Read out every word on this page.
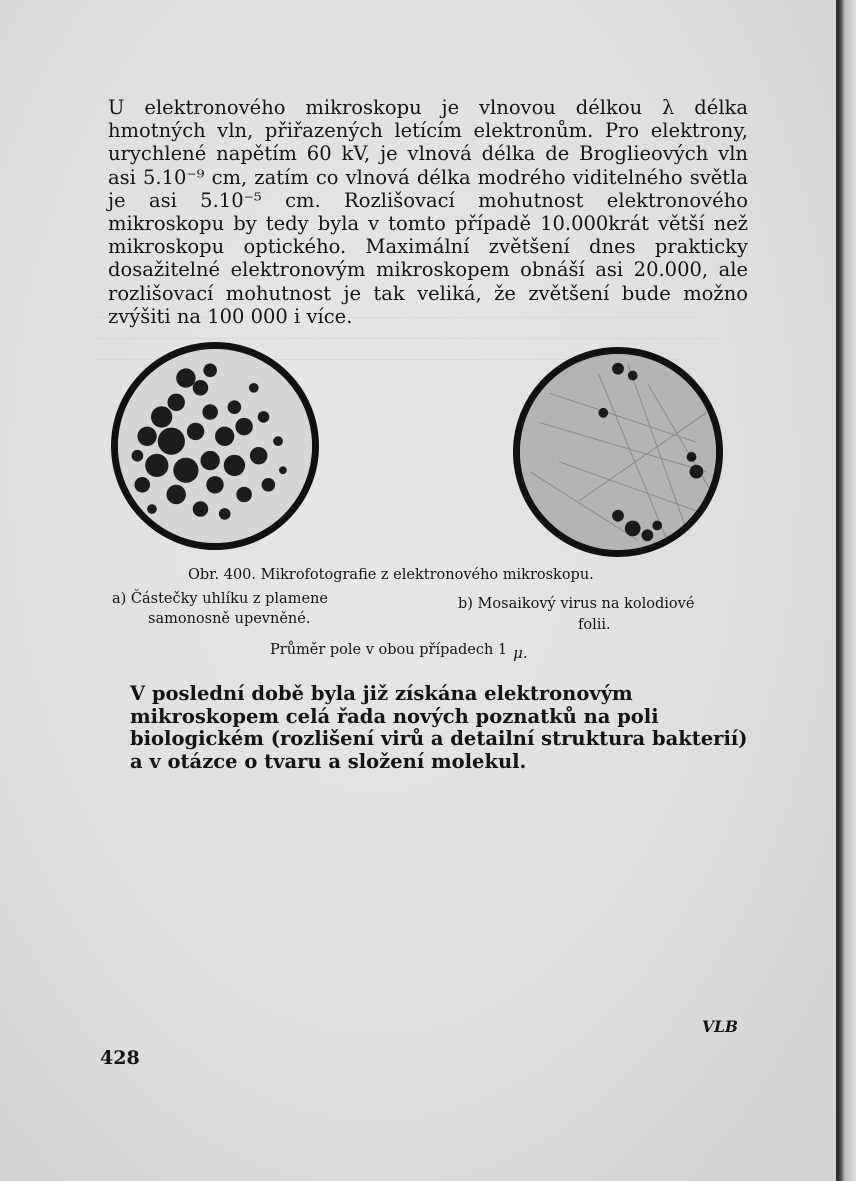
U elektronového mikroskopu je vlnovou délkou λ délka hmotných vln, přiřazených letícím elektronům. Pro elektrony, urychlené napětím 60 kV, je vlnová délka de Broglieových vln asi 5.10⁻⁹ cm, zatím co vlnová délka modrého viditelného světla je asi 5.10⁻⁵ cm. Rozlišovací mohutnost elektronového mikroskopu by tedy byla v tomto případě 10.000krát větší než mikroskopu optického. Maximální zvětšení dnes prakticky dosažitelné elektronovým mikroskopem obnáší asi 20.000, ale rozlišovací mohutnost je tak veliká, že zvětšení bude možno zvýšiti na 100 000 i více.

Obr. 400. Mikrofotografie z elektronového mikroskopu.

a) Částečky uhlíku z plamene

samonosně upevněné.

b) Mosaikový virus na kolodiové

folii.

Průměr pole v obou případech 1 μ.

V poslední době byla již získána elektronovým mikroskopem celá řada nových poznatků na poli biologickém (rozlišení virů a detailní struktura bakterií) a v otázce o tvaru a složení molekul.

VLB
428
